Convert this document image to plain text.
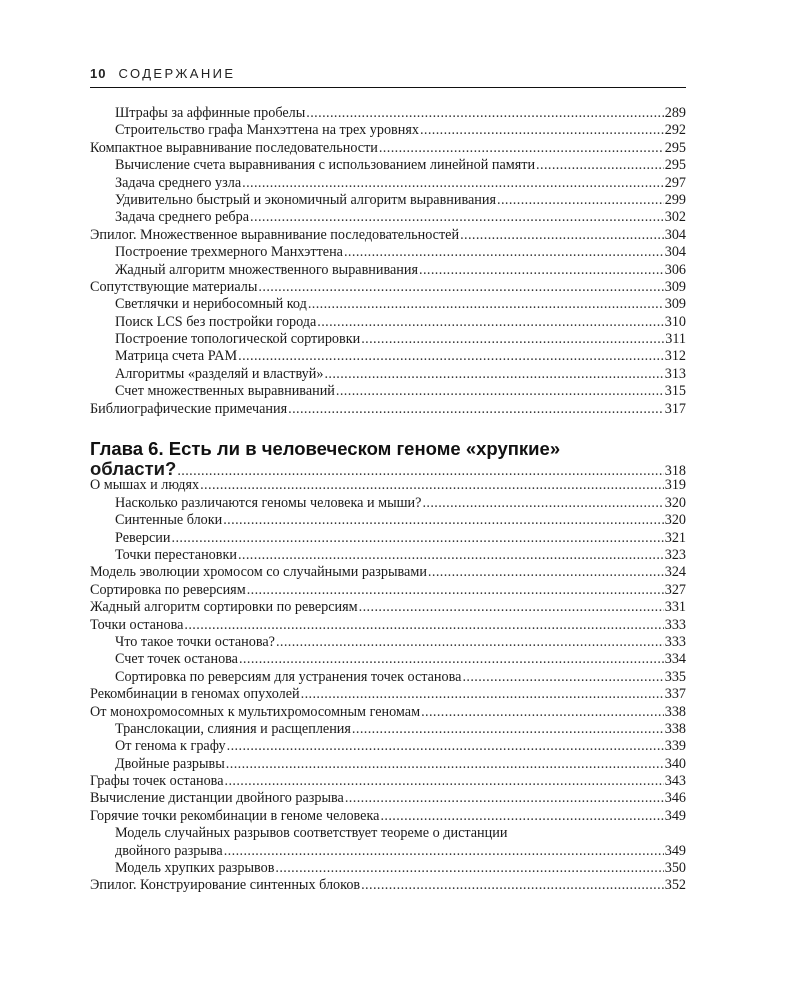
10 СОДЕРЖАНИЕ
Штрафы за аффинные пробелы .....	289
Строительство графа Манхэттена на трех уровнях .....	292
Компактное выравнивание последовательности .....	295
Вычисление счета выравнивания с использованием линейной памяти .....	295
Задача среднего узла .....	297
Удивительно быстрый и экономичный алгоритм выравнивания .....	299
Задача среднего ребра .....	302
Эпилог. Множественное выравнивание последовательностей .....	304
Построение трехмерного Манхэттена .....	304
Жадный алгоритм множественного выравнивания .....	306
Сопутствующие материалы .....	309
Светлячки и нерибосомный код .....	309
Поиск LCS без постройки города .....	310
Построение топологической сортировки .....	311
Матрица счета PAM .....	312
Алгоритмы «разделяй и властвуй» .....	313
Счет множественных выравниваний .....	315
Библиографические примечания .....	317
Глава 6. Есть ли в человеческом геноме «хрупкие»
области? .....	318
О мышах и людях .....	319
Насколько различаются геномы человека и мыши? .....	320
Синтенные блоки .....	320
Реверсии .....	321
Точки перестановки .....	323
Модель эволюции хромосом со случайными разрывами .....	324
Сортировка по реверсиям .....	327
Жадный алгоритм сортировки по реверсиям .....	331
Точки останова .....	333
Что такое точки останова? .....	333
Счет точек останова .....	334
Сортировка по реверсиям для устранения точек останова .....	335
Рекомбинации в геномах опухолей .....	337
От монохромосомных к мультихромосомным геномам .....	338
Транслокации, слияния и расщепления .....	338
От генома к графу .....	339
Двойные разрывы .....	340
Графы точек останова .....	343
Вычисление дистанции двойного разрыва .....	346
Горячие точки рекомбинации в геноме человека .....	349
Модель случайных разрывов соответствует теореме о дистанции
двойного разрыва .....	349
Модель хрупких разрывов .....	350
Эпилог. Конструирование синтенных блоков .....	352
